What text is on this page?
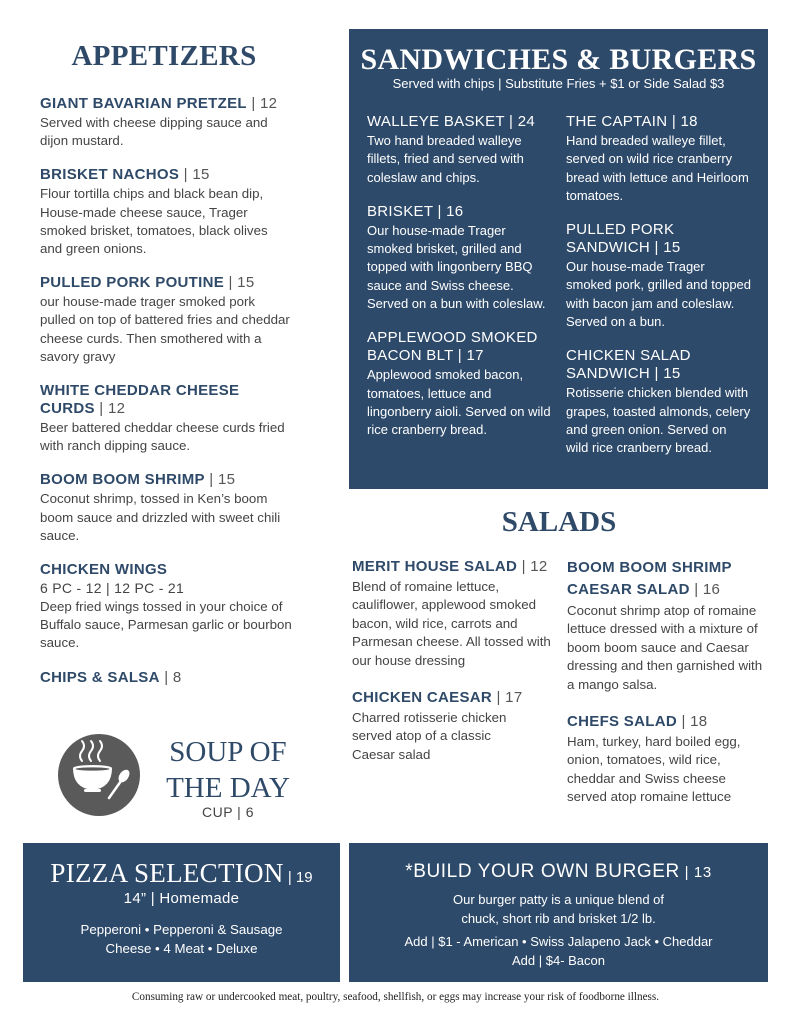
APPETIZERS
GIANT BAVARIAN PRETZEL | 12
Served with cheese dipping sauce and dijon mustard.
BRISKET NACHOS | 15
Flour tortilla chips and black bean dip, House-made cheese sauce, Trager smoked brisket, tomatoes, black olives and green onions.
PULLED PORK POUTINE | 15
our house-made trager smoked pork pulled on top of battered fries and cheddar cheese curds. Then smothered with a savory gravy
WHITE CHEDDAR CHEESE CURDS | 12
Beer battered cheddar cheese curds fried with ranch dipping sauce.
BOOM BOOM SHRIMP | 15
Coconut shrimp, tossed in Ken’s boom boom sauce and drizzled with sweet chili sauce.
CHICKEN WINGS
6 PC - 12 | 12 PC - 21
Deep fried wings tossed in your choice of Buffalo sauce, Parmesan garlic or bourbon sauce.
CHIPS & SALSA | 8
SOUP OF THE DAY
CUP | 6
SANDWICHES & BURGERS
Served with chips | Substitute Fries + $1 or Side Salad $3
WALLEYE BASKET | 24
Two hand breaded walleye fillets, fried and served with coleslaw and chips.
BRISKET | 16
Our house-made Trager smoked brisket, grilled and topped with lingonberry BBQ sauce and Swiss cheese. Served on a bun with coleslaw.
APPLEWOOD SMOKED BACON BLT | 17
Applewood smoked bacon, tomatoes, lettuce and lingonberry aioli. Served on wild rice cranberry bread.
THE CAPTAIN | 18
Hand breaded walleye fillet, served on wild rice cranberry bread with lettuce and Heirloom tomatoes.
PULLED PORK SANDWICH | 15
Our house-made Trager smoked pork, grilled and topped with bacon jam and coleslaw. Served on a bun.
CHICKEN SALAD SANDWICH | 15
Rotisserie chicken blended with grapes, toasted almonds, celery and green onion. Served on wild rice cranberry bread.
SALADS
MERIT HOUSE SALAD | 12
Blend of romaine lettuce, cauliflower, applewood smoked bacon, wild rice, carrots and Parmesan cheese. All tossed with our house dressing
CHICKEN CAESAR | 17
Charred rotisserie chicken served atop of a classic Caesar salad
BOOM BOOM SHRIMP CAESAR SALAD | 16
Coconut shrimp atop of romaine lettuce dressed with a mixture of boom boom sauce and Caesar dressing and then garnished with a mango salsa.
CHEFS SALAD | 18
Ham, turkey, hard boiled egg, onion, tomatoes, wild rice, cheddar and Swiss cheese served atop romaine lettuce
PIZZA SELECTION | 19
14” | Homemade
Pepperoni • Pepperoni & Sausage
Cheese • 4 Meat • Deluxe
*BUILD YOUR OWN BURGER | 13
Our burger patty is a unique blend of
chuck, short rib and brisket 1/2 lb.
Add | $1 - American • Swiss Jalapeno Jack • Cheddar
Add | $4- Bacon
Consuming raw or undercooked meat, poultry, seafood, shellfish, or eggs may increase your risk of foodborne illness.
